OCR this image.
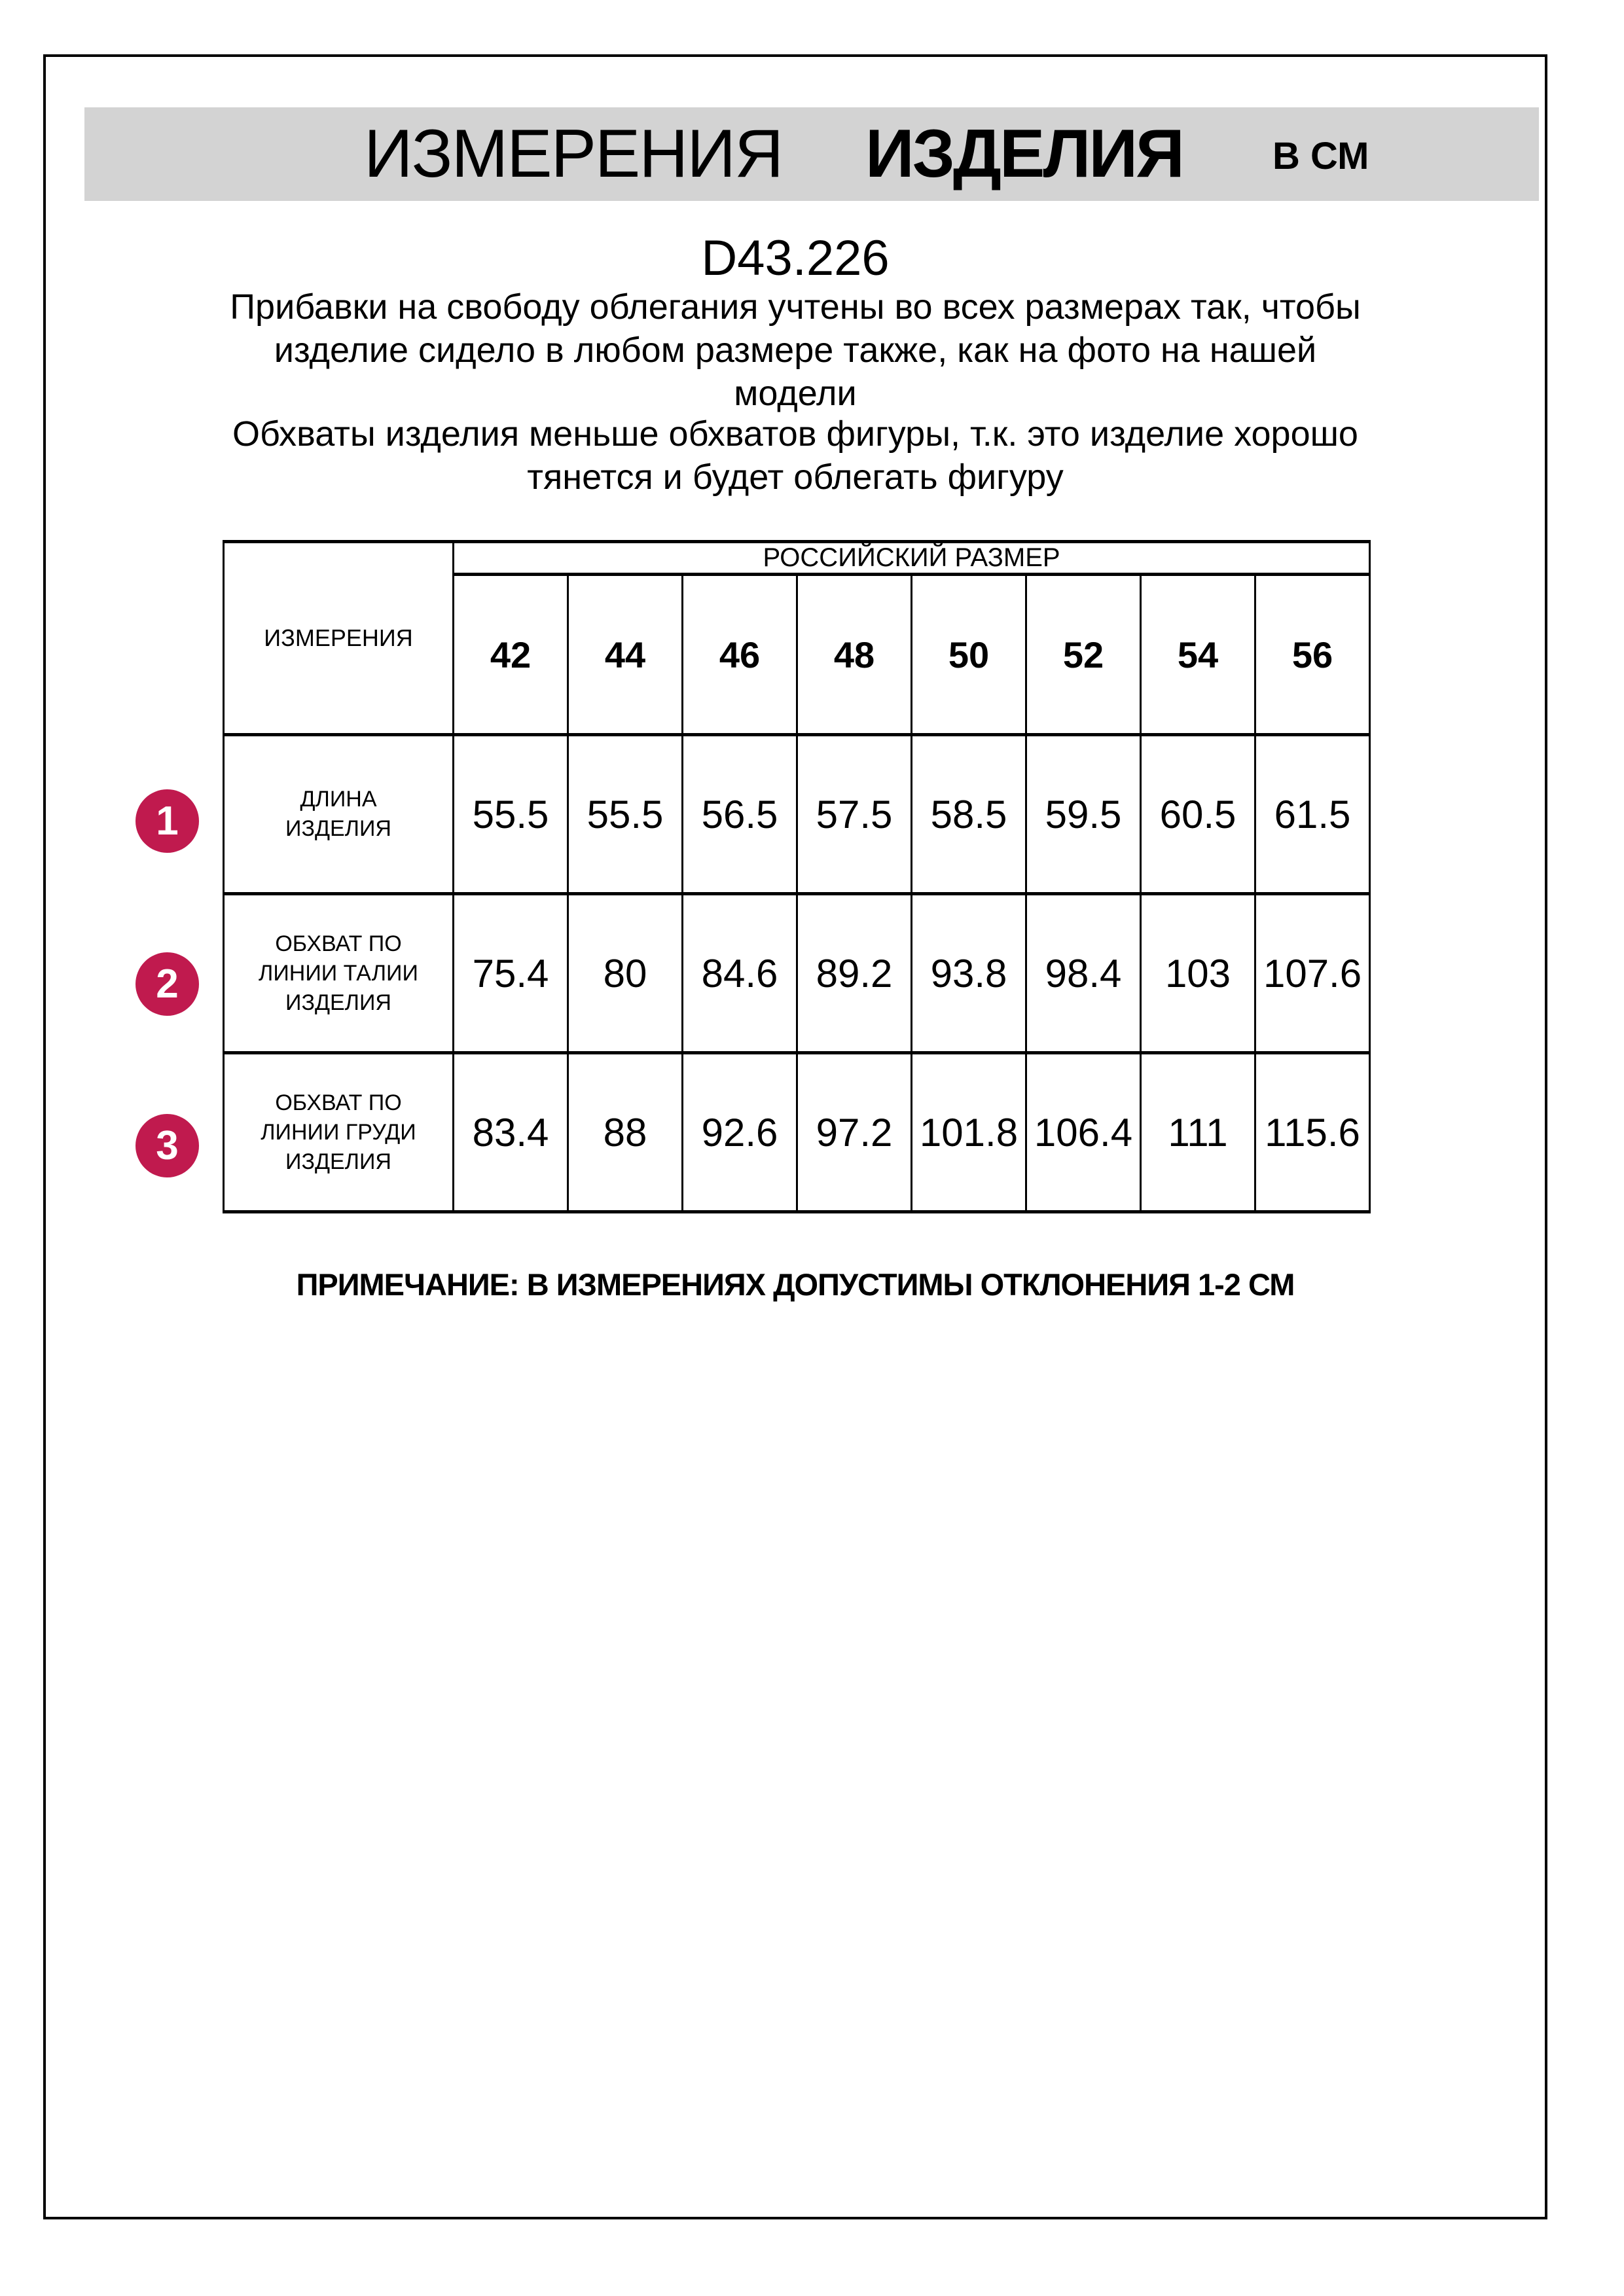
ИЗМЕРЕНИЯ ИЗДЕЛИЯ В СМ
D43.226
Прибавки на свободу облегания учтены во всех размерах так, чтобы
изделие сидело в любом размере также, как на фото на нашей
модели
Обхваты изделия меньше обхватов фигуры, т.к. это изделие хорошо
тянется и будет облегать фигуру
ИЗМЕРЕНИЯ	РОССИЙСКИЙ РАЗМЕР							
	42	44	46	48	50	52	54	56

ДЛИНА
ИЗДЕЛИЯ	55.5	55.5	56.5	57.5	58.5	59.5	60.5	61.5

ОБХВАТ ПО
ЛИНИИ ТАЛИИ
ИЗДЕЛИЯ	75.4	80	84.6	89.2	93.8	98.4	103	107.6

ОБХВАТ ПО
ЛИНИИ ГРУДИ
ИЗДЕЛИЯ	83.4	88	92.6	97.2	101.8	106.4	111	115.6
1
2
3
ПРИМЕЧАНИЕ: В ИЗМЕРЕНИЯХ ДОПУСТИМЫ ОТКЛОНЕНИЯ 1-2 СМ
